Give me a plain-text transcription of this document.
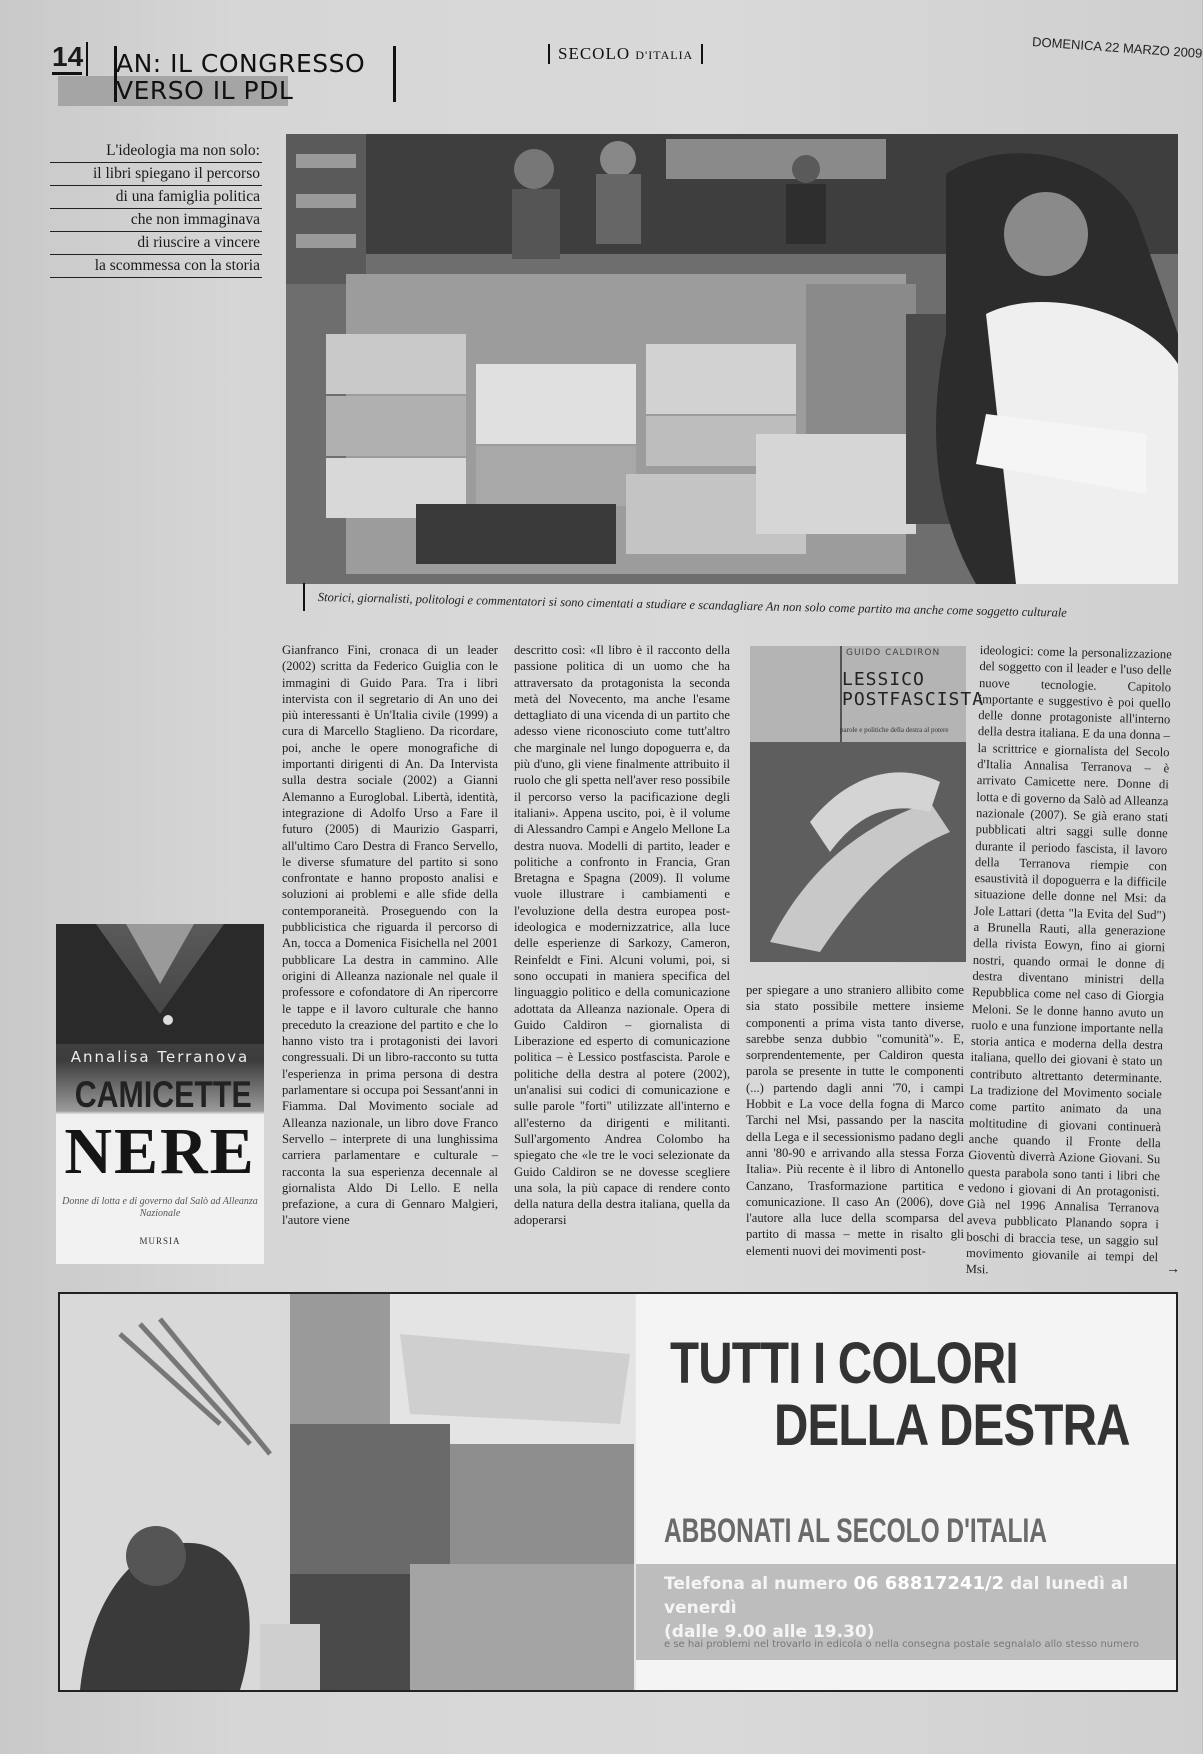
14 AN: IL CONGRESSO
VERSO IL PDL
SECOLO D'ITALIA	DOMENICA 22 MARZO 2009
L'ideologia ma non solo:
il libri spiegano il percorso
di una famiglia politica
che non immaginava
di riuscire a vincere
la scommessa con la storia
Storici, giornalisti, politologi e commentatori si sono cimentati a studiare e scandagliare An non solo come partito ma anche come soggetto culturale
Gianfranco Fini, cronaca di un leader (2002) scritta da Federico Guiglia con le immagini di Guido Para. Tra i libri intervista con il segretario di An uno dei più interessanti è Un'Italia civile (1999) a cura di Marcello Staglieno. Da ricordare, poi, anche le opere monografiche di importanti dirigenti di An. Da Intervista sulla destra sociale (2002) a Gianni Alemanno a Euroglobal. Libertà, identità, integrazione di Adolfo Urso a Fare il futuro (2005) di Maurizio Gasparri, all'ultimo Caro Destra di Franco Servello, le diverse sfumature del partito si sono confrontate e hanno proposto analisi e soluzioni ai problemi e alle sfide della contemporaneità. Proseguendo con la pubblicistica che riguarda il percorso di An, tocca a Domenica Fisichella nel 2001 pubblicare La destra in cammino. Alle origini di Alleanza nazionale nel quale il professore e cofondatore di An ripercorre le tappe e il lavoro culturale che hanno preceduto la creazione del partito e che lo hanno visto tra i protagonisti dei lavori congressuali. Di un libro-racconto su tutta l'esperienza in prima persona di destra parlamentare si occupa poi Sessant'anni in Fiamma. Dal Movimento sociale ad Alleanza nazionale, un libro dove Franco Servello – interprete di una lunghissima carriera parlamentare e culturale – racconta la sua esperienza decennale al giornalista Aldo Di Lello. E nella prefazione, a cura di Gennaro Malgieri, l'autore viene
descritto così: «Il libro è il racconto della passione politica di un uomo che ha attraversato da protagonista la seconda metà del Novecento, ma anche l'esame dettagliato di una vicenda di un partito che adesso viene riconosciuto come tutt'altro che marginale nel lungo dopoguerra e, da più d'uno, gli viene finalmente attribuito il ruolo che gli spetta nell'aver reso possibile il percorso verso la pacificazione degli italiani». Appena uscito, poi, è il volume di Alessandro Campi e Angelo Mellone La destra nuova. Modelli di partito, leader e politiche a confronto in Francia, Gran Bretagna e Spagna (2009). Il volume vuole illustrare i cambiamenti e l'evoluzione della destra europea post-ideologica e modernizzatrice, alla luce delle esperienze di Sarkozy, Cameron, Reinfeldt e Fini. Alcuni volumi, poi, si sono occupati in maniera specifica del linguaggio politico e della comunicazione adottata da Alleanza nazionale. Opera di Guido Caldiron – giornalista di Liberazione ed esperto di comunicazione politica – è Lessico postfascista. Parole e politiche della destra al potere (2002), un'analisi sui codici di comunicazione e sulle parole "forti" utilizzate all'interno e all'esterno da dirigenti e militanti. Sull'argomento Andrea Colombo ha spiegato che «le tre le voci selezionate da Guido Caldiron se ne dovesse scegliere una sola, la più capace di rendere conto della natura della destra italiana, quella da adoperarsi
per spiegare a uno straniero allibito come sia stato possibile mettere insieme componenti a prima vista tanto diverse, sarebbe senza dubbio "comunità"». E, sorprendentemente, per Caldiron questa parola se presente in tutte le componenti (...) partendo dagli anni '70, i campi Hobbit e La voce della fogna di Marco Tarchi nel Msi, passando per la nascita della Lega e il secessionismo padano degli anni '80-90 e arrivando alla stessa Forza Italia». Più recente è il libro di Antonello Canzano, Trasformazione partitica e comunicazione. Il caso An (2006), dove l'autore alla luce della scomparsa del partito di massa – mette in risalto gli elementi nuovi dei movimenti post-
ideologici: come la personalizzazione del soggetto con il leader e l'uso delle nuove tecnologie. Capitolo importante e suggestivo è poi quello delle donne protagoniste all'interno della destra italiana. E da una donna – la scrittrice e giornalista del Secolo d'Italia Annalisa Terranova – è arrivato Camicette nere. Donne di lotta e di governo da Salò ad Alleanza nazionale (2007). Se già erano stati pubblicati altri saggi sulle donne durante il periodo fascista, il lavoro della Terranova riempie con esaustività il dopoguerra e la difficile situazione delle donne nel Msi: da Jole Lattari (detta "la Evita del Sud") a Brunella Rauti, alla generazione della rivista Eowyn, fino ai giorni nostri, quando ormai le donne di destra diventano ministri della Repubblica come nel caso di Giorgia Meloni. Se le donne hanno avuto un ruolo e una funzione importante nella storia antica e moderna della destra italiana, quello dei giovani è stato un contributo altrettanto determinante. La tradizione del Movimento sociale come partito animato da una moltitudine di giovani continuerà anche quando il Fronte della Gioventù diverrà Azione Giovani. Su questa parabola sono tanti i libri che vedono i giovani di An protagonisti. Già nel 1996 Annalisa Terranova aveva pubblicato Planando sopra i boschi di braccia tese, un saggio sul movimento giovanile ai tempi del Msi.
Annalisa Terranova
CAMICETTE
NERE
Donne di lotta e di governo dal Salò ad Alleanza Nazionale
MURSIA
GUIDO CALDIRON
LESSICO
POSTFASCISTA
parole e politiche della destra al potere
→
TUTTI I COLORI
DELLA DESTRA
ABBONATI AL SECOLO D'ITALIA
Telefona al numero 06 68817241/2 dal lunedì al venerdì
(dalle 9.00 alle 19.30)
e se hai problemi nel trovarlo in edicola o nella consegna postale segnalalo allo stesso numero
